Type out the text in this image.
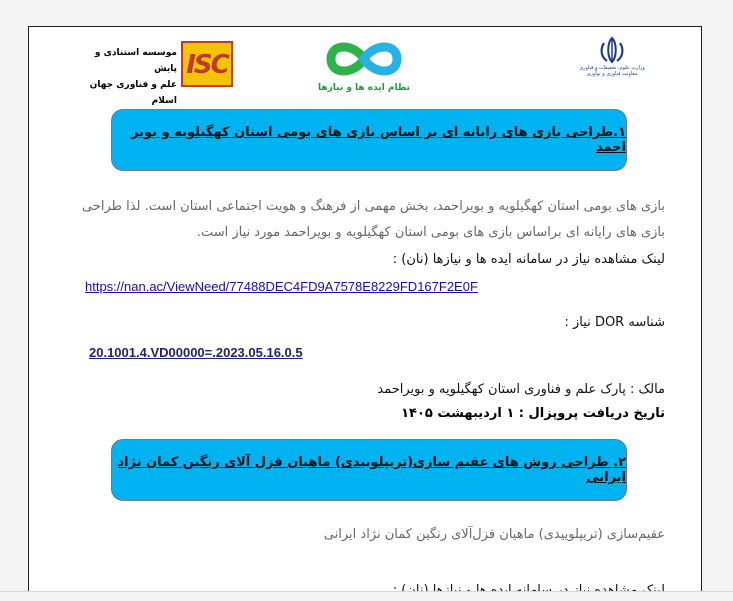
وزارت علوم، تحقیقات و فناوری
معاونت فناوری و نوآوری
نظام ایده ها و نیازها
ISC
موسسه استنادی و پایش
علم و فناوری جهان اسلام
۱.طراحی بازی های رایانه ای بر اساس بازی های بومی استان کهگیلویه و بویر احمد
بازی های بومی استان کهگیلویه و بویراحمد، بخش مهمی از فرهنگ و هویت اجتماعی استان است. لذا طراحی
بازی های رایانه ای براساس بازی های بومی استان کهگیلویه و بویراحمد مورد نیاز است.
لینک مشاهده نیاز در سامانه ایده ها و نیازها (نان) :
https://nan.ac/ViewNeed/77488DEC4FD9A7578E8229FD167F2E0F
شناسه DOR نیاز :
20.1001.4.VD00000=.2023.05.16.0.5
مالک : پارک علم و فناوری استان کهگیلویه و بویراحمد
تاریخ دریافت پروپزال : ۱ اردیبهشت ۱۴۰۵
۲. طراحی روش های عقیم سازی(تریپلوییدی) ماهیان قزل آلای رنگین کمان نژاد ایرانی
عقیم‌سازی (تریپلوییدی) ماهیان قزل‌آلای رنگین کمان نژاد ایرانی
